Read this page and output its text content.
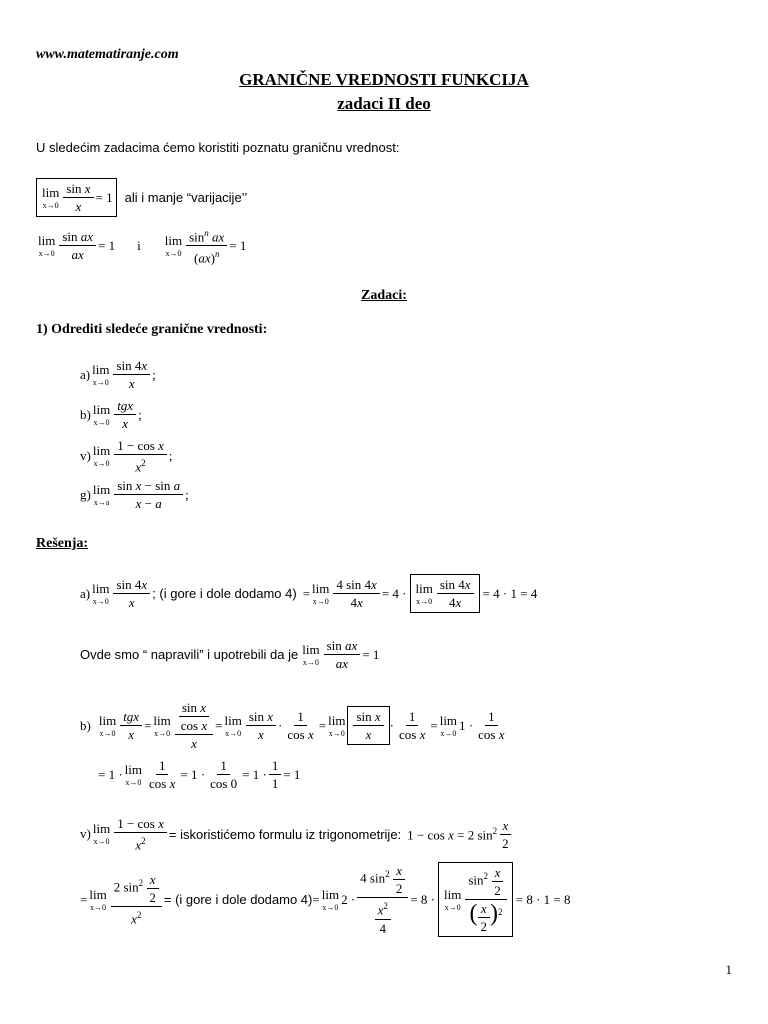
www.matematiranje.com
GRANIČNE VREDNOSTI FUNKCIJA
zadaci II deo
U sledećim zadacima ćemo koristiti poznatu graničnu vrednost:
lim
$x\to 0 \frac{\text{sin x}}{x} = 1$ ali i manje “varijacije’’
lim
$x\to 0 \frac{\text{sin ax}}{ax} = 1$ i lim
$x\to 0 \frac{\sin^n ax}{(ax)^n} = 1$
Zadaci:
1) Odrediti sledeće granične vrednosti:
a) lim
$x\to 0 \frac{\sin 4x}{x}$ ;
b) lim
$x\to 0 \frac{\text{tgx}}{x}$ ;
v) lim
$x\to 0 \frac{\text{1 − cos x}}{x^2}$ ;
g) lim
$x\to a \frac{\text{sin x − sin a}}{x - a}$ ;
Rešenja:
a) lim
$x\to 0 \frac{\sin 4x}{x}$ ; (i gore i dole dodamo 4) = lim
$x\to 0 \frac{4 \sin 4x}{4x} = 4 \cdot \lim$
$x\to 0 \frac{\sin 4x}{4x} = 4 \cdot 1 = 4$
Ovde smo “ napravili” i upotrebili da je lim
$x\to 0 \frac{\text{sin ax}}{ax} = 1$
b) lim
$x\to 0 \frac{\text{tgx}}{x} = \lim$
$x\to 0 \frac{\frac{\text{sin x}}{\text{cos x}}}{x} = \lim$
$x\to 0 \frac{\text{sin x}}{x} \cdot \frac{1}{\text{cos x}} = \lim$
$x\to 0 \frac{\text{sin x}}{x} \cdot \frac{1}{\text{cos x}} = \lim$
x→0
$1 \cdot \frac{1}{\text{cos x}}$
= 1 · lim
$x\to 0 \frac{1}{\text{cos x}} = 1 \cdot \frac{1}{\cos 0} = 1 \cdot \frac{1}{1} = 1$
v) lim
$x\to 0 \frac{\text{1 − cos x}}{x^2}$ = iskoristićemo formulu iz trigonometrije: 1 − cos x = 2 $\sin^2 \frac{x}{2}$
= lim
$x\to 0 \frac{2 \sin^2 \frac{x}{2}}{x^2} = (i$ gore i dole dodamo 4) = lim
x→0
$2 \cdot \frac{4 \sin^2 \frac{x}{2}}{\frac{x^2}{4}} = 8 \cdot \lim$
$x\to 0 \frac{\sin^2 \frac{x}{2}}{( \frac{x}{2} )^2} = 8 \cdot 1 = 8$
1
